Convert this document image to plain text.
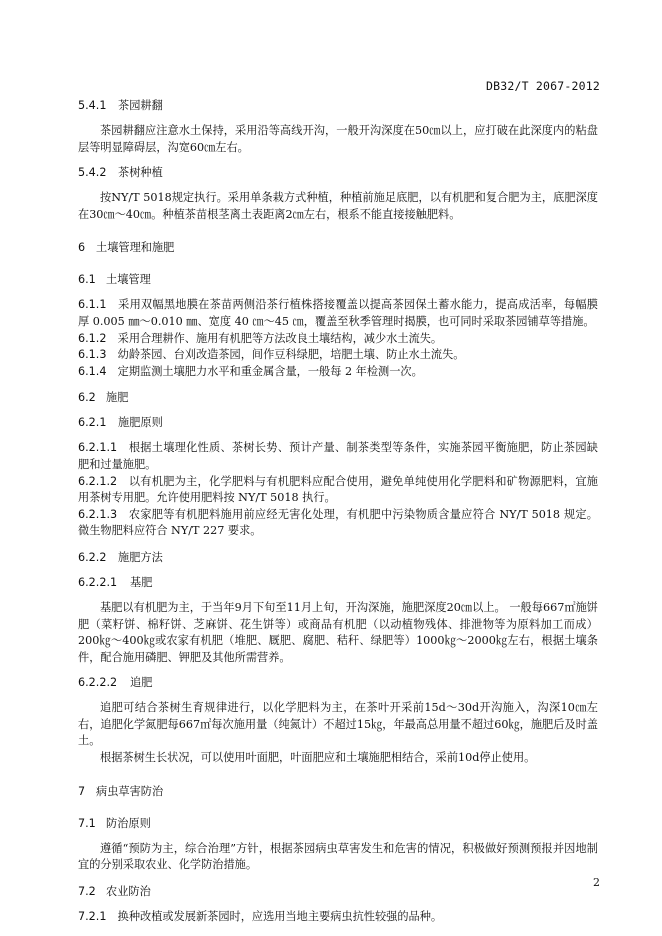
DB32/T 2067-2012
5.4.1 茶园耕翻
茶园耕翻应注意水土保持，采用沿等高线开沟，一般开沟深度在50㎝以上，应打破在此深度内的粘盘层等明显障碍层，沟宽60㎝左右。
5.4.2 茶树种植
按NY/T 5018规定执行。采用单条栽方式种植，种植前施足底肥，以有机肥和复合肥为主，底肥深度在30㎝～40㎝。种植茶苗根茎离土表距离2㎝左右，根系不能直接接触肥料。
6 土壤管理和施肥
6.1 土壤管理
6.1.1　 采用双幅黑地膜在茶苗两侧沿茶行植株搭接覆盖以提高茶园保土蓄水能力，提高成活率，每幅膜厚 0.005 ㎜～0.010 ㎜、宽度 40 ㎝～45 ㎝，覆盖至秋季管理时揭膜，也可同时采取茶园铺草等措施。
6.1.2　 采用合理耕作、施用有机肥等方法改良土壤结构，减少水土流失。
6.1.3　 幼龄茶园、台刈改造茶园，间作豆科绿肥，培肥土壤、防止水土流失。
6.1.4　 定期监测土壤肥力水平和重金属含量，一般每 2 年检测一次。
6.2 施肥
6.2.1 施肥原则
6.2.1.1　 根据土壤理化性质、茶树长势、预计产量、制茶类型等条件，实施茶园平衡施肥，防止茶园缺肥和过量施肥。
6.2.1.2　 以有机肥为主，化学肥料与有机肥料应配合使用，避免单纯使用化学肥料和矿物源肥料，宜施用茶树专用肥。允许使用肥料按 NY/T 5018 执行。
6.2.1.3　 农家肥等有机肥料施用前应经无害化处理，有机肥中污染物质含量应符合 NY/T 5018 规定。微生物肥料应符合 NY/T 227 要求。
6.2.2 施肥方法
6.2.2.1 基肥
基肥以有机肥为主，于当年9月下旬至11月上旬，开沟深施，施肥深度20㎝以上。 一般每667㎡施饼肥（菜籽饼、棉籽饼、芝麻饼、花生饼等）或商品有机肥（以动植物残体、排泄物等为原料加工而成）200㎏～400㎏或农家有机肥（堆肥、厩肥、腐肥、秸秆、绿肥等）1000㎏～2000㎏左右，根据土壤条件，配合施用磷肥、钾肥及其他所需营养。
6.2.2.2 追肥
追肥可结合茶树生育规律进行，以化学肥料为主，在茶叶开采前15d～30d开沟施入，沟深10㎝左右，追肥化学氮肥每667㎡每次施用量（纯氮计）不超过15㎏，年最高总用量不超过60㎏，施肥后及时盖土。
根据茶树生长状况，可以使用叶面肥，叶面肥应和土壤施肥相结合，采前10d停止使用。
7 病虫草害防治
7.1 防治原则
遵循“预防为主，综合治理”方针，根据茶园病虫草害发生和危害的情况，积极做好预测预报并因地制宜的分别采取农业、化学防治措施。
7.2 农业防治
7.2.1　 换种改植或发展新茶园时，应选用当地主要病虫抗性较强的品种。
2
